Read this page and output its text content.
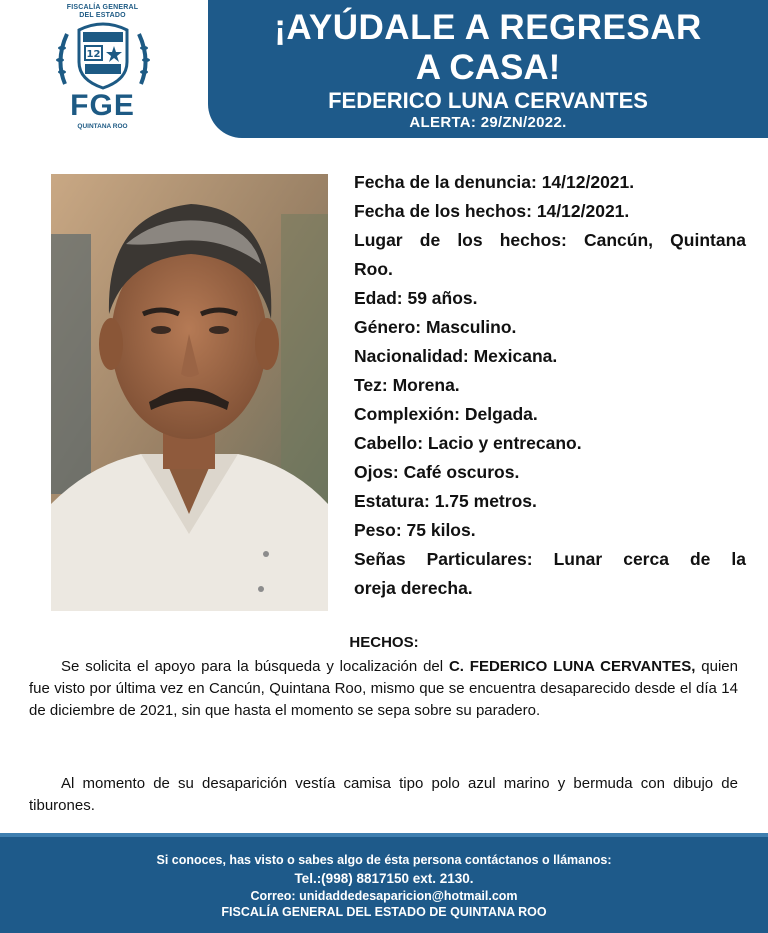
FISCALÍA GENERAL
DEL ESTADO
12
FGE
QUINTANA ROO
¡AYÚDALE A REGRESAR
A CASA!
FEDERICO LUNA CERVANTES
ALERTA: 29/ZN/2022.
Fecha de la denuncia: 14/12/2021.
Fecha de los hechos: 14/12/2021.
Lugar de los hechos: Cancún, Quintana
Roo.
Edad: 59 años.
Género: Masculino.
Nacionalidad: Mexicana.
Tez: Morena.
Complexión: Delgada.
Cabello: Lacio y entrecano.
Ojos: Café oscuros.
Estatura: 1.75 metros.
Peso: 75 kilos.
Señas Particulares: Lunar cerca de la
oreja derecha.
HECHOS:
Se solicita el apoyo para la búsqueda y localización del C. FEDERICO LUNA CERVANTES, quien fue visto por última vez en Cancún, Quintana Roo, mismo que se encuentra desaparecido desde el día 14 de diciembre de 2021, sin que hasta el momento se sepa sobre su paradero.
Al momento de su desaparición vestía camisa tipo polo azul marino y bermuda con dibujo de tiburones.
Si conoces, has visto o sabes algo de ésta persona contáctanos o llámanos:
Tel.:(998) 8817150 ext. 2130.
Correo: unidaddedesaparicion@hotmail.com
FISCALÍA GENERAL DEL ESTADO DE QUINTANA ROO
